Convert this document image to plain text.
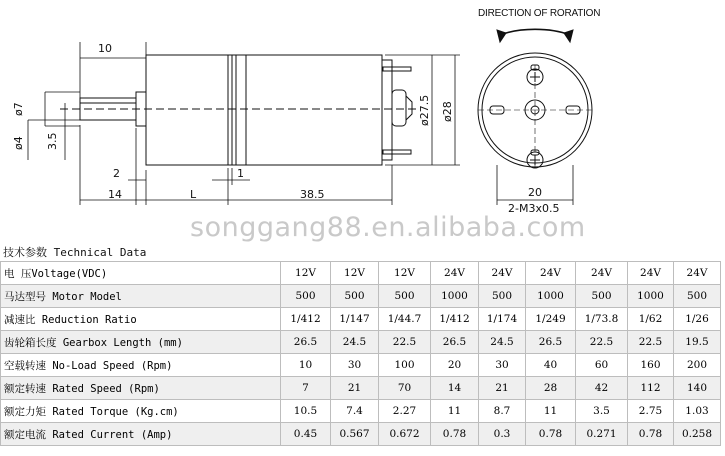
10
ø7
ø4 3.5
2
14	L
1
38.5
ø27.5 ø28
20
2-M3x0.5
DIRECTION OF RORATION
songgang88.en.alibaba.com
技术参数 Technical Data
电 压Voltage(VDC)	12V	12V	12V	24V	24V	24V	24V	24V	24V
马达型号 Motor Model	500	500	500	1000	500	1000	500	1000	500
减速比 Reduction Ratio	1/412	1/147	1/44.7	1/412	1/174	1/249	1/73.8	1/62	1/26
齿轮箱长度 Gearbox Length (mm)	26.5	24.5	22.5	26.5	24.5	26.5	22.5	22.5	19.5
空载转速 No-Load Speed (Rpm)	10	30	100	20	30	40	60	160	200
额定转速 Rated Speed (Rpm)	7	21	70	14	21	28	42	112	140
额定力矩 Rated Torque (Kg.cm)	10.5	7.4	2.27	11	8.7	11	3.5	2.75	1.03
额定电流 Rated Current (Amp)	0.45	0.567	0.672	0.78	0.3	0.78	0.271	0.78	0.258
